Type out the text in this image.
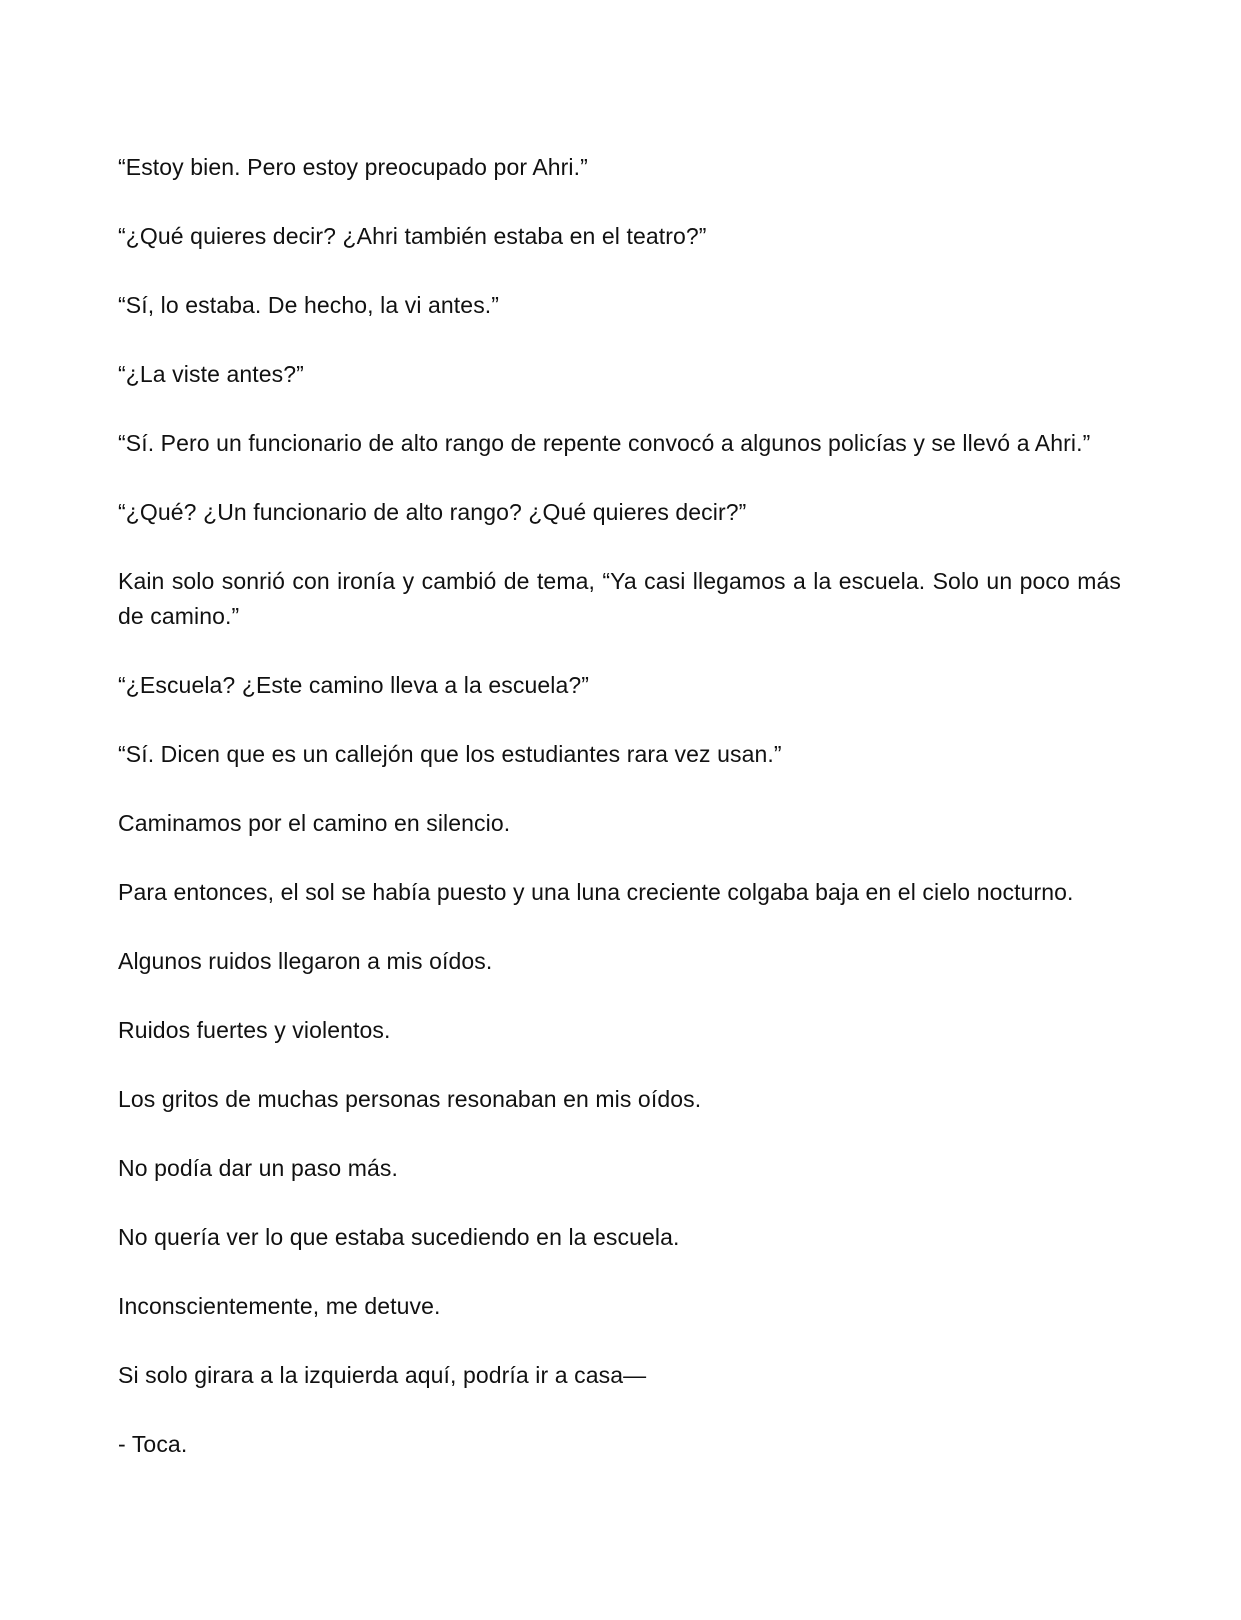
“Estoy bien. Pero estoy preocupado por Ahri.”

“¿Qué quieres decir? ¿Ahri también estaba en el teatro?”

“Sí, lo estaba. De hecho, la vi antes.”

“¿La viste antes?”

“Sí. Pero un funcionario de alto rango de repente convocó a algunos policías y se llevó a Ahri.”

“¿Qué? ¿Un funcionario de alto rango? ¿Qué quieres decir?”

Kain solo sonrió con ironía y cambió de tema, “Ya casi llegamos a la escuela. Solo un poco más de camino.”

“¿Escuela? ¿Este camino lleva a la escuela?”

“Sí. Dicen que es un callejón que los estudiantes rara vez usan.”

Caminamos por el camino en silencio.

Para entonces, el sol se había puesto y una luna creciente colgaba baja en el cielo nocturno.

Algunos ruidos llegaron a mis oídos.

Ruidos fuertes y violentos.

Los gritos de muchas personas resonaban en mis oídos.

No podía dar un paso más.

No quería ver lo que estaba sucediendo en la escuela.

Inconscientemente, me detuve.

Si solo girara a la izquierda aquí, podría ir a casa—

- Toca.
